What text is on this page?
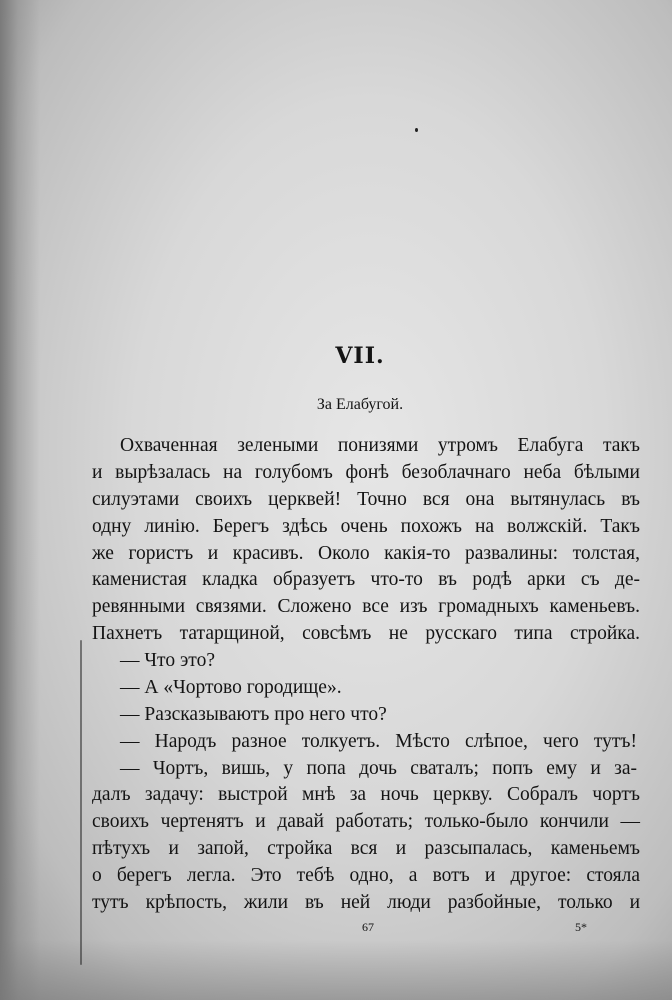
VII.
За Елабугой.
Охваченная зелеными понизями утромъ Елабуга такъ
и вырѣзалась на голубомъ фонѣ безоблачнаго неба бѣлыми
силуэтами своихъ церквей! Точно вся она вытянулась въ
одну линію. Берегъ здѣсь очень похожъ на волжскій. Такъ
же гористъ и красивъ. Около какія-то развалины: толстая,
каменистая кладка образуетъ что-то въ родѣ арки съ де-
ревянными связями. Сложено все изъ громадныхъ каменьевъ.
Пахнетъ татарщиной, совсѣмъ не русскаго типа стройка.
— Что это?
— А «Чортово городище».
— Разсказываютъ про него что?
— Народъ разное толкуетъ. Мѣсто слѣпое, чего тутъ!
— Чортъ, вишь, у попа дочь сваталъ; попъ ему и за-
далъ задачу: выстрой мнѣ за ночь церкву. Собралъ чортъ
своихъ чертенятъ и давай работать; только-было кончили —
пѣтухъ и запой, стройка вся и разсыпалась, каменьемъ
о берегъ легла. Это тебѣ одно, а вотъ и другое: стояла
тутъ крѣпость, жили въ ней люди разбойные, только и
67	5*
